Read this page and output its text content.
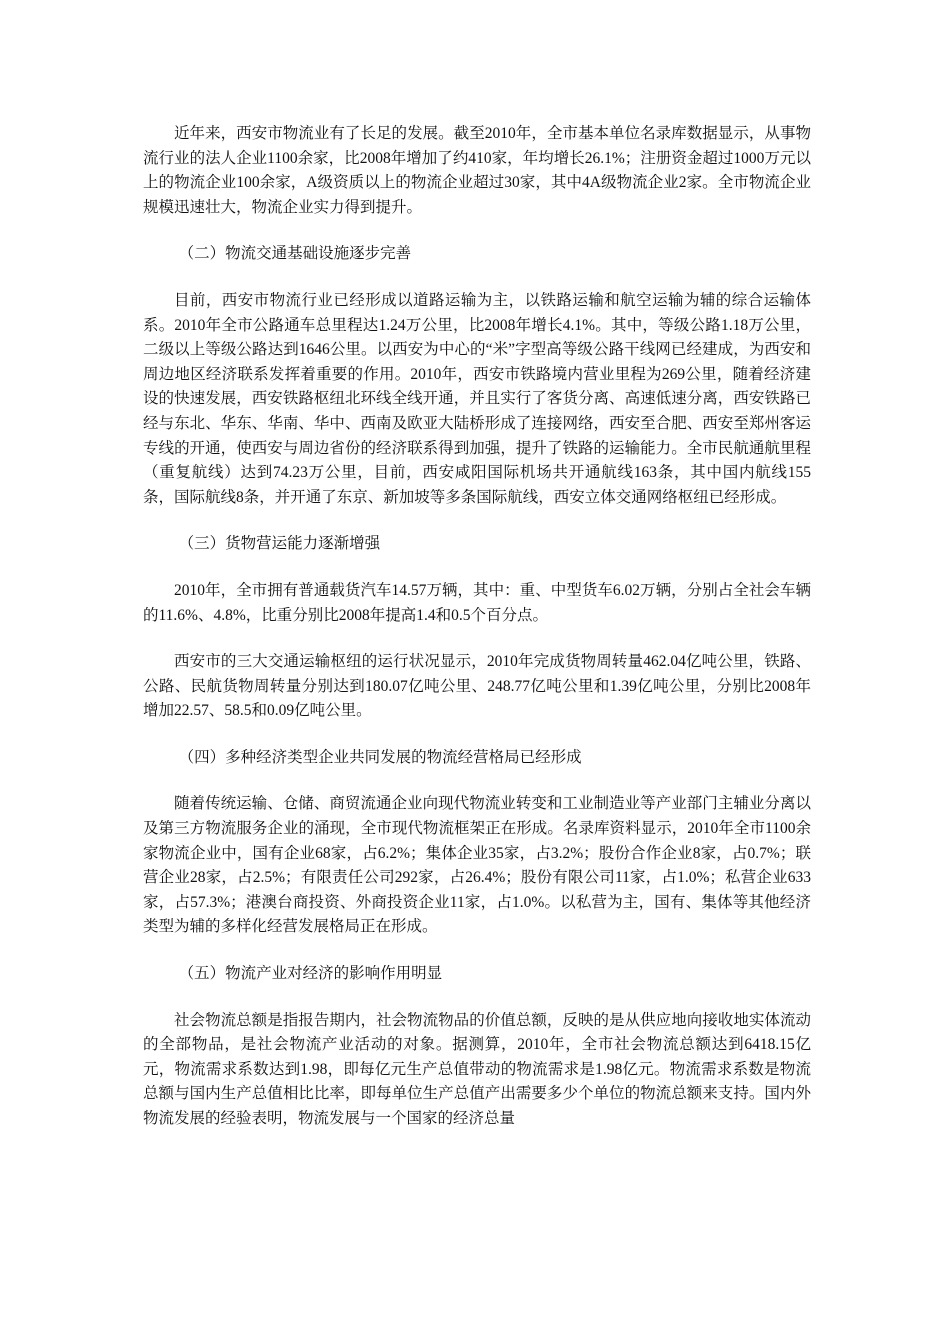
近年来，西安市物流业有了长足的发展。截至2010年，全市基本单位名录库数据显示，从事物流行业的法人企业1100余家，比2008年增加了约410家，年均增长26.1%；注册资金超过1000万元以上的物流企业100余家，A级资质以上的物流企业超过30家，其中4A级物流企业2家。全市物流企业规模迅速壮大，物流企业实力得到提升。

（二）物流交通基础设施逐步完善

目前，西安市物流行业已经形成以道路运输为主，以铁路运输和航空运输为辅的综合运输体系。2010年全市公路通车总里程达1.24万公里，比2008年增长4.1%。其中，等级公路1.18万公里，二级以上等级公路达到1646公里。以西安为中心的“米”字型高等级公路干线网已经建成，为西安和周边地区经济联系发挥着重要的作用。2010年，西安市铁路境内营业里程为269公里，随着经济建设的快速发展，西安铁路枢纽北环线全线开通，并且实行了客货分离、高速低速分离，西安铁路已经与东北、华东、华南、华中、西南及欧亚大陆桥形成了连接网络，西安至合肥、西安至郑州客运专线的开通，使西安与周边省份的经济联系得到加强，提升了铁路的运输能力。全市民航通航里程（重复航线）达到74.23万公里，目前，西安咸阳国际机场共开通航线163条，其中国内航线155条，国际航线8条，并开通了东京、新加坡等多条国际航线，西安立体交通网络枢纽已经形成。

（三）货物营运能力逐渐增强

2010年，全市拥有普通载货汽车14.57万辆，其中：重、中型货车6.02万辆，分别占全社会车辆的11.6%、4.8%，比重分别比2008年提高1.4和0.5个百分点。

西安市的三大交通运输枢纽的运行状况显示，2010年完成货物周转量462.04亿吨公里，铁路、公路、民航货物周转量分别达到180.07亿吨公里、248.77亿吨公里和1.39亿吨公里，分别比2008年增加22.57、58.5和0.09亿吨公里。

（四）多种经济类型企业共同发展的物流经营格局已经形成

随着传统运输、仓储、商贸流通企业向现代物流业转变和工业制造业等产业部门主辅业分离以及第三方物流服务企业的涌现，全市现代物流框架正在形成。名录库资料显示，2010年全市1100余家物流企业中，国有企业68家，占6.2%；集体企业35家，占3.2%；股份合作企业8家，占0.7%；联营企业28家，占2.5%；有限责任公司292家，占26.4%；股份有限公司11家，占1.0%；私营企业633家，占57.3%；港澳台商投资、外商投资企业11家，占1.0%。以私营为主，国有、集体等其他经济类型为辅的多样化经营发展格局正在形成。

（五）物流产业对经济的影响作用明显

社会物流总额是指报告期内，社会物流物品的价值总额，反映的是从供应地向接收地实体流动的全部物品，是社会物流产业活动的对象。据测算，2010年，全市社会物流总额达到6418.15亿元，物流需求系数达到1.98，即每亿元生产总值带动的物流需求是1.98亿元。物流需求系数是物流总额与国内生产总值相比比率，即每单位生产总值产出需要多少个单位的物流总额来支持。国内外物流发展的经验表明，物流发展与一个国家的经济总量
